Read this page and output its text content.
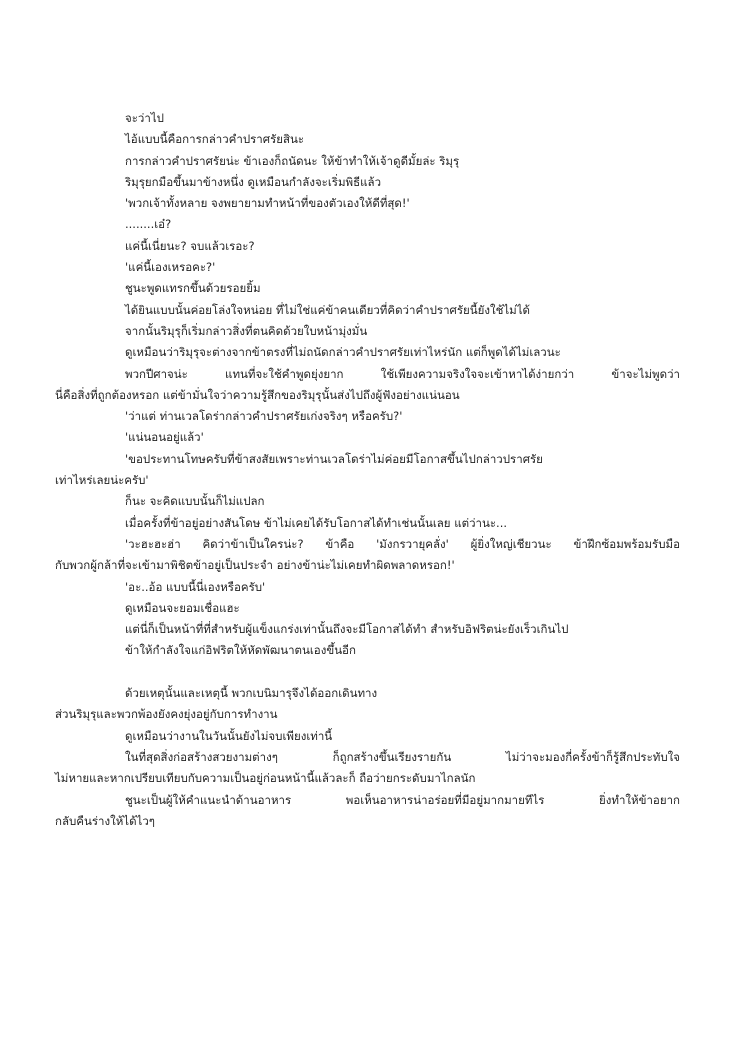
จะว่าไป
ไอ้แบบนี้คือการกล่าวคำปราศรัยสินะ
การกล่าวคำปราศรัยน่ะ ข้าเองก็ถนัดนะ ให้ข้าทำให้เจ้าดูดีมั้ยล่ะ ริมุรุ
ริมุรุยกมือขึ้นมาข้างหนึ่ง ดูเหมือนกำลังจะเริ่มพิธีแล้ว
'พวกเจ้าทั้งหลาย จงพยายามทำหน้าที่ของตัวเองให้ดีที่สุด!'
........เอ๋?
แค่นี้เนี่ยนะ? จบแล้วเรอะ?
'แค่นี้เองเหรอคะ?'
ชูนะพูดแทรกขึ้นด้วยรอยยิ้ม
ได้ยินแบบนั้นค่อยโล่งใจหน่อย ที่ไม่ใช่แค่ข้าคนเดียวที่คิดว่าคำปราศรัยนี้ยังใช้ไม่ได้
จากนั้นริมุรุก็เริ่มกล่าวสิ่งที่ตนคิดด้วยใบหน้ามุ่งมั่น
ดูเหมือนว่าริมุรุจะต่างจากข้าตรงที่ไม่ถนัดกล่าวคำปราศรัยเท่าไหร่นัก แต่ก็พูดได้ไม่เลวนะ
พวกปีศาจน่ะ แทนที่จะใช้คำพูดยุ่งยาก ใช้เพียงความจริงใจจะเข้าหาได้ง่ายกว่า ข้าจะไม่พูดว่า
นี่คือสิ่งที่ถูกต้องหรอก แต่ข้ามั่นใจว่าความรู้สึกของริมุรุนั้นส่งไปถึงผู้ฟังอย่างแน่นอน
'ว่าแต่ ท่านเวลโดร่ากล่าวคำปราศรัยเก่งจริงๆ หรือครับ?'
'แน่นอนอยู่แล้ว'
'ขอประทานโทษครับที่ข้าสงสัยเพราะท่านเวลโดร่าไม่ค่อยมีโอกาสขึ้นไปกล่าวปราศรัย
เท่าไหร่เลยน่ะครับ'
ก็นะ จะคิดแบบนั้นก็ไม่แปลก
เมื่อครั้งที่ข้าอยู่อย่างสันโดษ ข้าไม่เคยได้รับโอกาสได้ทำเช่นนั้นเลย แต่ว่านะ...
'วะฮะฮะฮ่า คิดว่าข้าเป็นใครน่ะ? ข้าคือ 'มังกรวายุคลั่ง' ผู้ยิ่งใหญ่เชียวนะ ข้าฝึกซ้อมพร้อมรับมือ
กับพวกผู้กล้าที่จะเข้ามาพิชิตข้าอยู่เป็นประจำ อย่างข้าน่ะไม่เคยทำผิดพลาดหรอก!'
'อะ..อ้อ แบบนี้นี่เองหรือครับ'
ดูเหมือนจะยอมเชื่อแฮะ
แต่นี่ก็เป็นหน้าที่ที่สำหรับผู้แข็งแกร่งเท่านั้นถึงจะมีโอกาสได้ทำ สำหรับอิฟริตน่ะยังเร็วเกินไป
ข้าให้กำลังใจแก่อิฟริตให้หัดพัฒนาตนเองขึ้นอีก
ด้วยเหตุนั้นและเหตุนี้ พวกเบนิมารุจึงได้ออกเดินทาง
ส่วนริมุรุและพวกพ้องยังคงยุ่งอยู่กับการทำงาน
ดูเหมือนว่างานในวันนั้นยังไม่จบเพียงเท่านี้
ในที่สุดสิ่งก่อสร้างสวยงามต่างๆ ก็ถูกสร้างขึ้นเรียงรายกัน ไม่ว่าจะมองกี่ครั้งข้าก็รู้สึกประทับใจ
ไม่หายและหากเปรียบเทียบกับความเป็นอยู่ก่อนหน้านี้แล้วละก็ ถือว่ายกระดับมาไกลนัก
ชูนะเป็นผู้ให้คำแนะนำด้านอาหาร พอเห็นอาหารน่าอร่อยที่มีอยู่มากมายทีไร ยิ่งทำให้ข้าอยาก
กลับคืนร่างให้ได้ไวๆ
